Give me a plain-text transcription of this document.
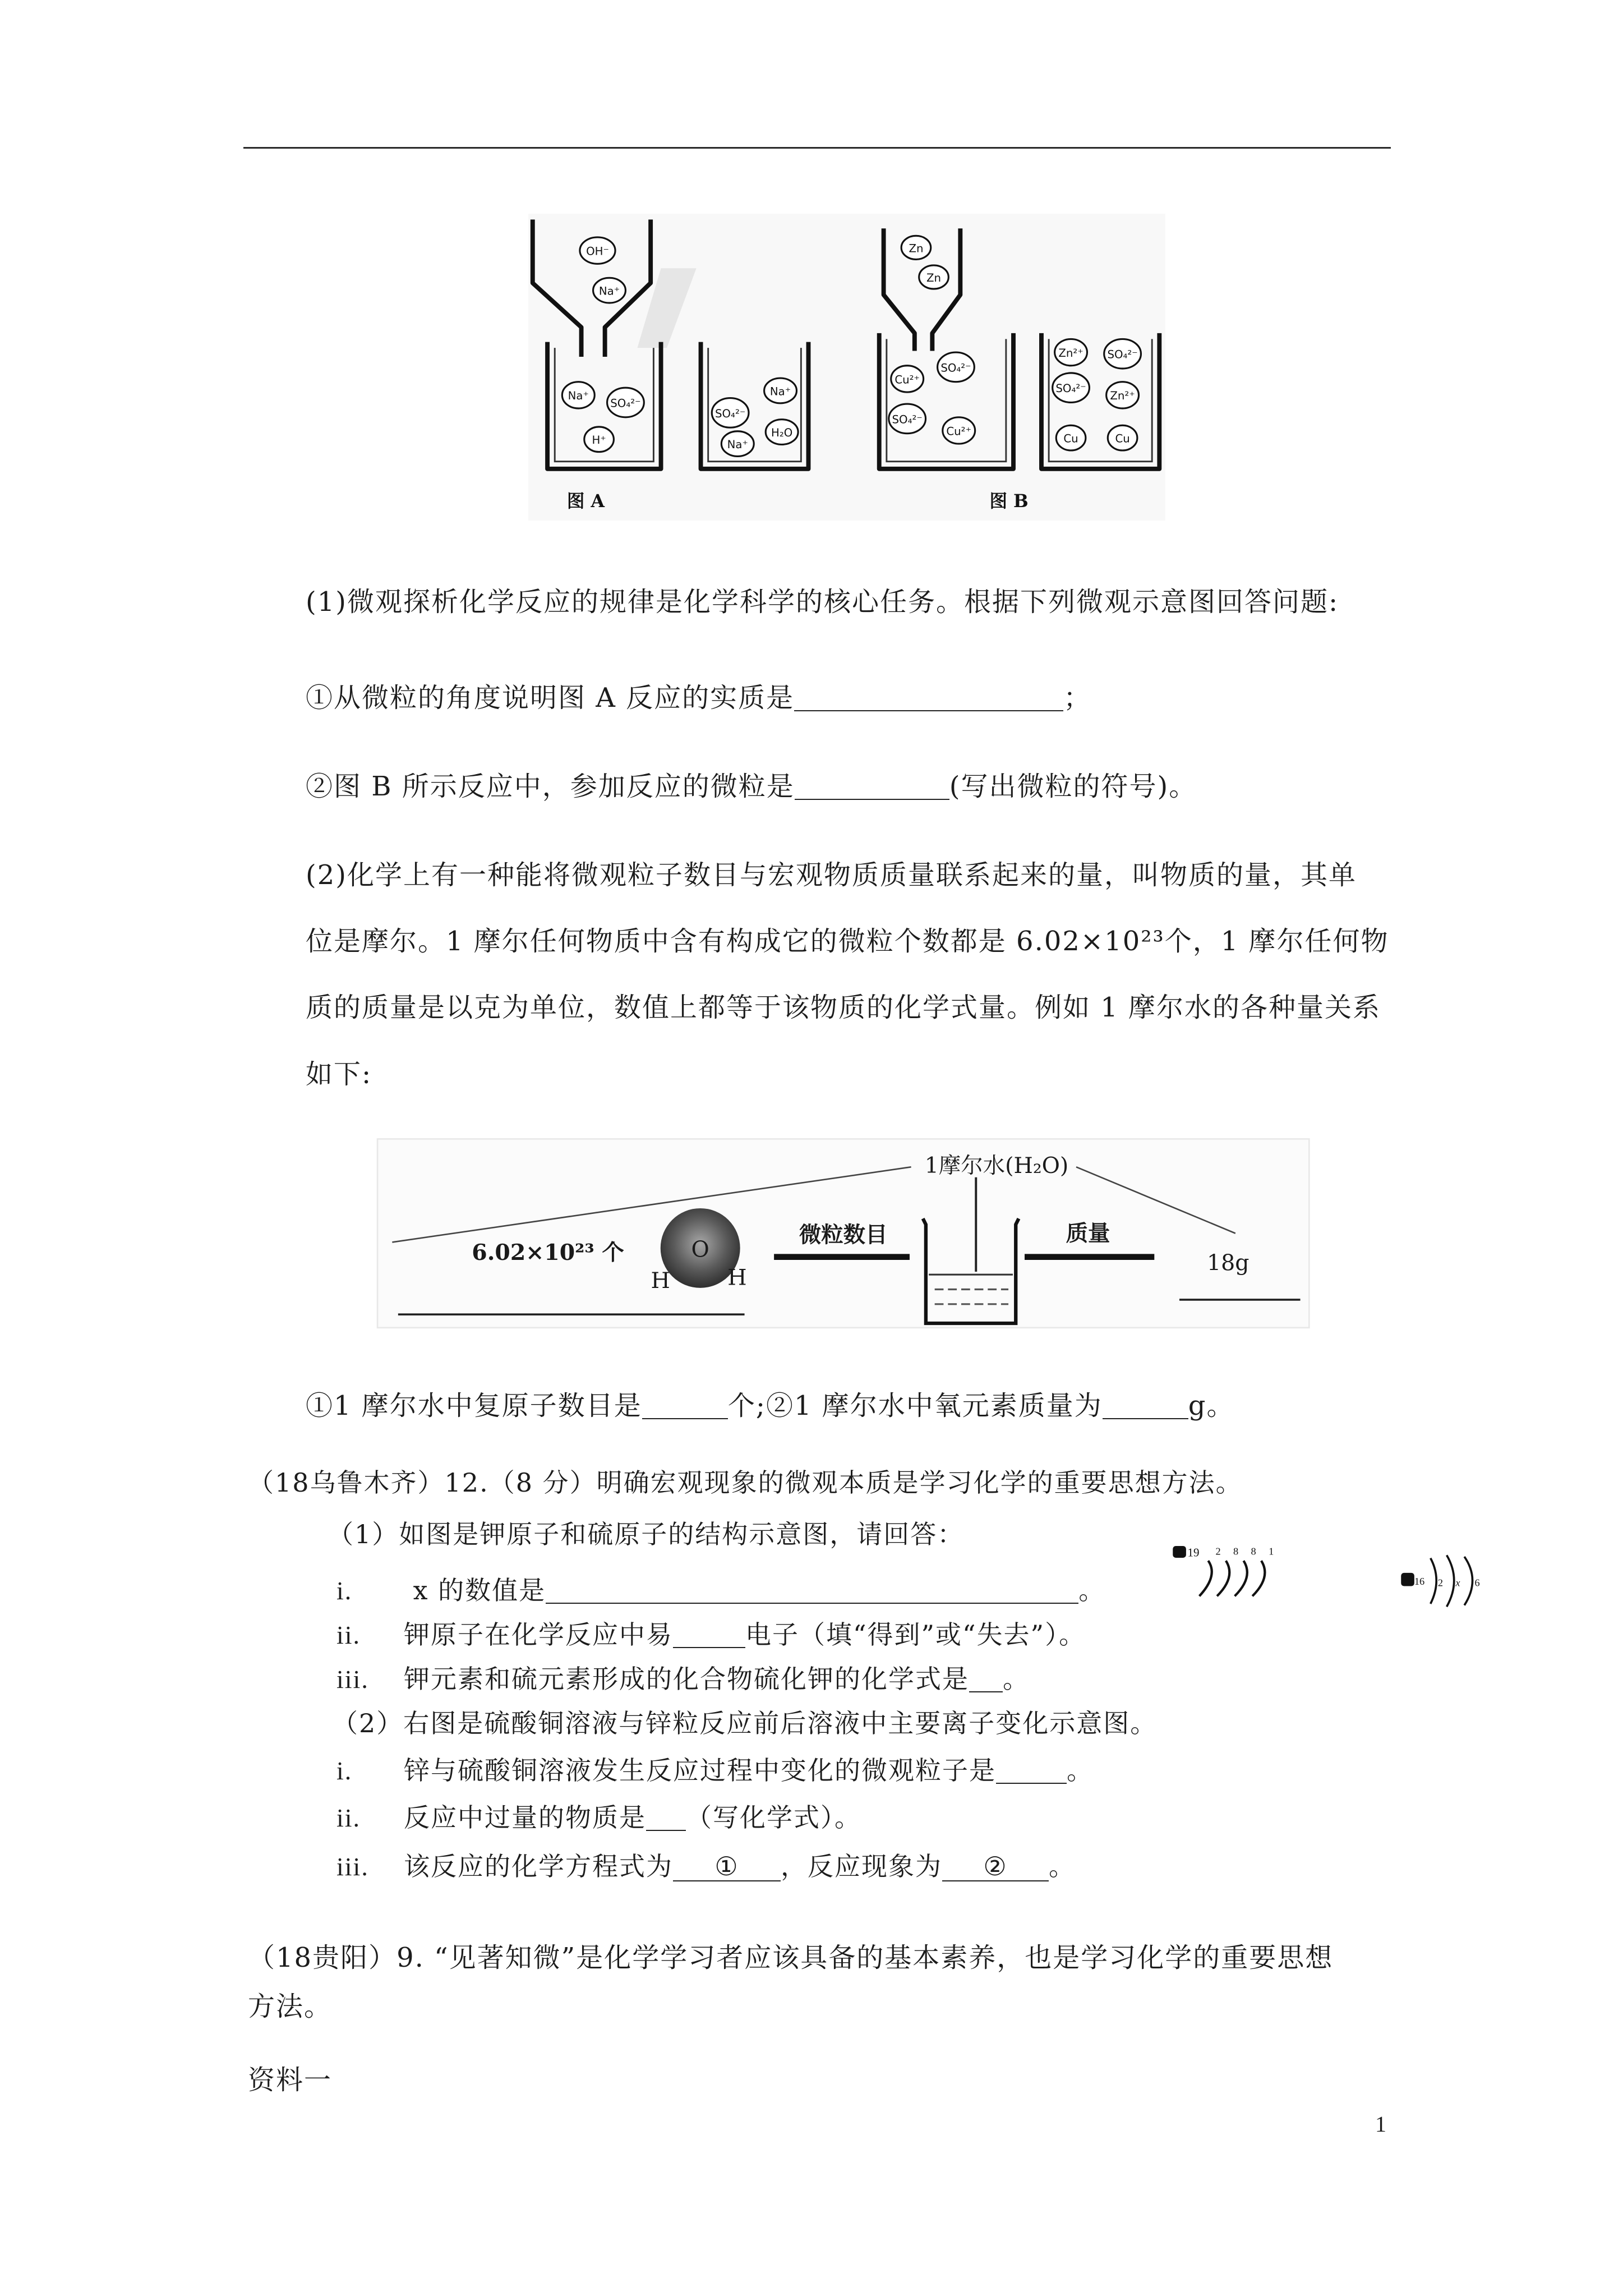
OH⁻
Na⁺
Na⁺
SO₄²⁻
H⁺
SO₄²⁻
Na⁺
Na⁺
H₂O
Zn
Zn
Cu²⁺
SO₄²⁻
SO₄²⁻
Cu²⁺
Zn²⁺	SO₄²⁻
SO₄²⁻
Zn²⁺
Cu	Cu
图 A	图 B
(1)微观探析化学反应的规律是化学科学的核心任务。根据下列微观示意图回答问题:
①从微粒的角度说明图 A 反应的实质是	；
②图 B 所示反应中，参加反应的微粒是	(写出微粒的符号)。
(2)化学上有一种能将微观粒子数目与宏观物质质量联系起来的量，叫物质的量，其单
位是摩尔。1 摩尔任何物质中含有构成它的微粒个数都是 6.02×10²³个，1 摩尔任何物
质的质量是以克为单位，数值上都等于该物质的化学式量。例如 1 摩尔水的各种量关系
如下:
1摩尔水(H₂O)
6.02×10²³ 个	O
H	H
微粒数目	质量
18g
①1 摩尔水中复原子数目是	个;②1 摩尔水中氧元素质量为	g。
（18乌鲁木齐）12.（8 分）明确宏观现象的微观本质是学习化学的重要思想方法。
（1）如图是钾原子和硫原子的结构示意图，请回答：
i. x 的数值是	。
ii. 钾原子在化学反应中易	电子（填“得到”或“失去”）。
iii. 钾元素和硫元素形成的化合物硫化钾的化学式是 。
19	2	8	8	1
16	2	x	6
（2）右图是硫酸铜溶液与锌粒反应前后溶液中主要离子变化示意图。
i. 锌与硫酸铜溶液发生反应过程中变化的微观粒子是	。
ii. 反应中过量的物质是 （写化学式）。
iii. 该反应的化学方程式为 ① ，反应现象为 ② 。
（18贵阳）9. “见著知微”是化学学习者应该具备的基本素养，也是学习化学的重要思想
方法。
资料一
1
